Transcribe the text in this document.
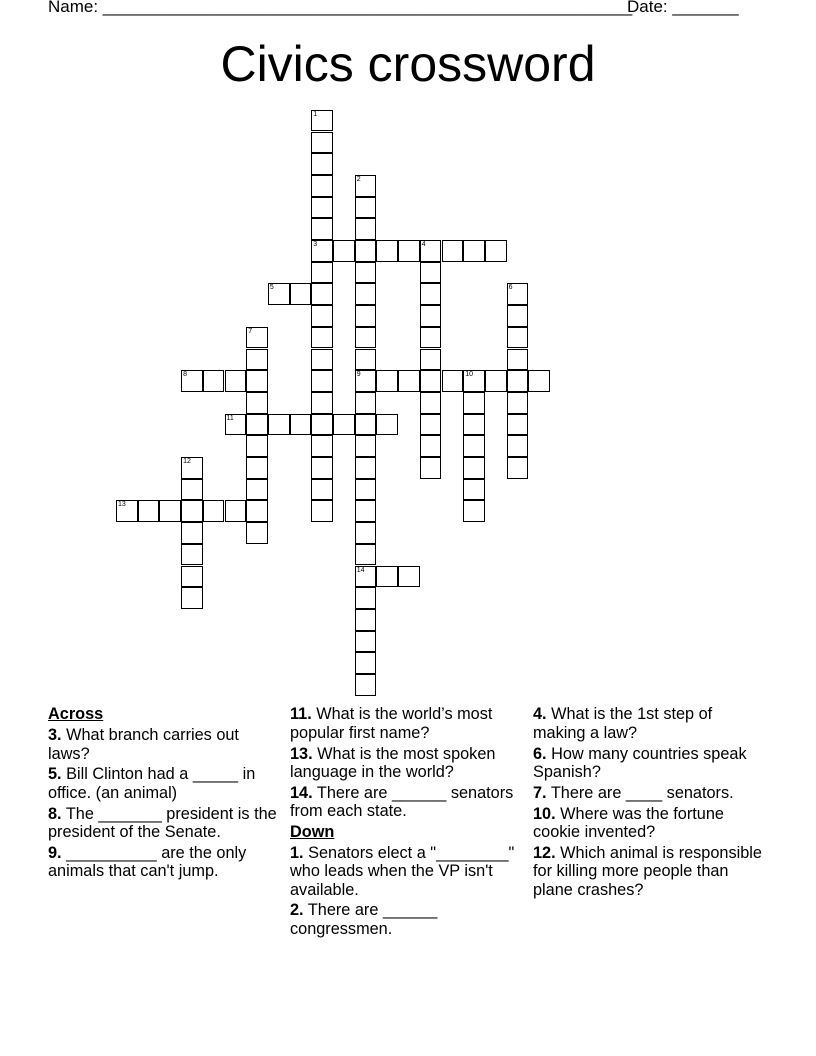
Name: ________________________________________________________
Date: _______
Civics crossword
1
3
2
9
14
4
5	6
7
8	10
11
12
13
Across
3. What branch carries out laws?
5. Bill Clinton had a _____ in office. (an animal)
8. The _______ president is the president of the Senate.
9. __________ are the only animals that can't jump.
11. What is the world’s most popular first name?
13. What is the most spoken language in the world?
14. There are ______ senators from each state.
Down
1. Senators elect a "________" who leads when the VP isn't available.
2. There are ______ congressmen.
4. What is the 1st step of making a law?
6. How many countries speak Spanish?
7. There are ____ senators.
10. Where was the fortune cookie invented?
12. Which animal is responsible for killing more people than plane crashes?
